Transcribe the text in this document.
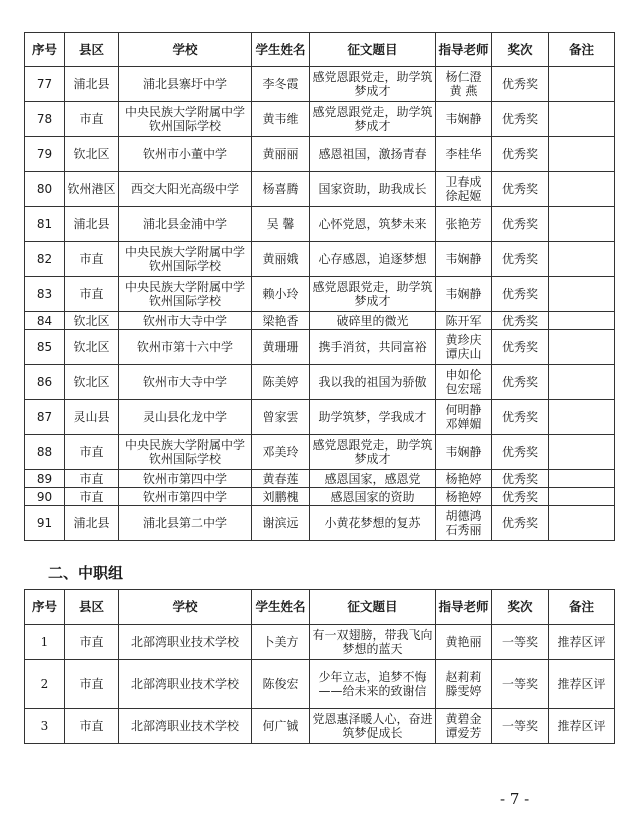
序号	县区	学校	学生姓名	征文题目	指导老师	奖次	备注
77	浦北县	浦北县寨圩中学	李冬霞	感党恩跟党走，助学筑梦成才	杨仁澄 黄 燕	优秀奖	
78	市直	中央民族大学附属中学钦州国际学校	黄韦维	感党恩跟党走，助学筑梦成才	韦娴静	优秀奖	
79	钦北区	钦州市小董中学	黄丽丽	感恩祖国，激扬青春	李桂华	优秀奖	
80	钦州港区	西交大阳光高级中学	杨喜腾	国家资助，助我成长	卫春成 徐起姬	优秀奖	
81	浦北县	浦北县金浦中学	吴 馨	心怀党恩，筑梦未来	张艳芳	优秀奖	
82	市直	中央民族大学附属中学钦州国际学校	黄丽娥	心存感恩，追逐梦想	韦娴静	优秀奖	
83	市直	中央民族大学附属中学钦州国际学校	赖小玲	感党恩跟党走，助学筑梦成才	韦娴静	优秀奖	
84	钦北区	钦州市大寺中学	梁艳香	破碎里的微光	陈开军	优秀奖	
85	钦北区	钦州市第十六中学	黄珊珊	携手消贫，共同富裕	黄珍庆 谭庆山	优秀奖	
86	钦北区	钦州市大寺中学	陈美婷	我以我的祖国为骄傲	申如伦 包宏瑶	优秀奖	
87	灵山县	灵山县化龙中学	曾家雲	助学筑梦，学我成才	何明静 邓婵媚	优秀奖	
88	市直	中央民族大学附属中学钦州国际学校	邓美玲	感党恩跟党走，助学筑梦成才	韦娴静	优秀奖	
89	市直	钦州市第四中学	黄春莲	感恩国家，感恩党	杨艳婷	优秀奖	
90	市直	钦州市第四中学	刘鹏槐	感恩国家的资助	杨艳婷	优秀奖	
91	浦北县	浦北县第二中学	谢滨远	小黄花梦想的复苏	胡德鸿 石秀丽	优秀奖	
二、中职组
序号	县区	学校	学生姓名	征文题目	指导老师	奖次	备注
1	市直	北部湾职业技术学校	卜美方	有一双翅膀，带我飞向梦想的蓝天	黄艳丽	一等奖	推荐区评
2	市直	北部湾职业技术学校	陈俊宏	少年立志，追梦不悔——给未来的致谢信	赵莉莉 滕雯婷	一等奖	推荐区评
3	市直	北部湾职业技术学校	何广铖	党恩惠泽暖人心，奋进筑梦促成长	黄碧金 谭爱芳	一等奖	推荐区评
- 7 -
